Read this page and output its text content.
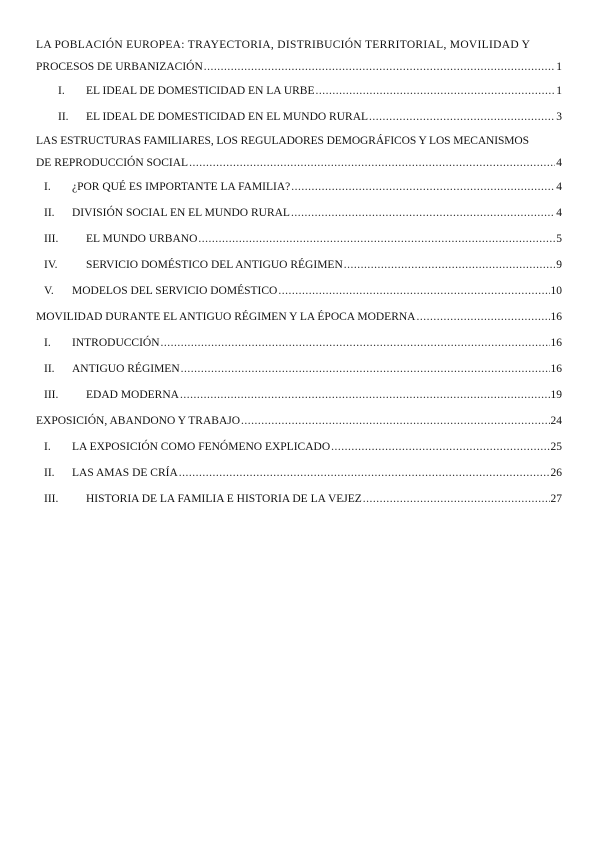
LA POBLACIÓN EUROPEA: TRAYECTORIA, DISTRIBUCIÓN TERRITORIAL, MOVILIDAD Y
PROCESOS DE URBANIZACIÓN .....	1
I.	EL IDEAL DE DOMESTICIDAD EN LA URBE .....	1
II.	EL IDEAL DE DOMESTICIDAD EN EL MUNDO RURAL .....	3
LAS ESTRUCTURAS FAMILIARES, LOS REGULADORES DEMOGRÁFICOS Y LOS MECANISMOS
DE REPRODUCCIÓN SOCIAL .....	4
I.	¿POR QUÉ ES IMPORTANTE LA FAMILIA? .....	4
II.	DIVISIÓN SOCIAL EN EL MUNDO RURAL .....	4
III.	EL MUNDO URBANO .....	5
IV.	SERVICIO DOMÉSTICO DEL ANTIGUO RÉGIMEN .....	9
V.	MODELOS DEL SERVICIO DOMÉSTICO .....	10
MOVILIDAD DURANTE EL ANTIGUO RÉGIMEN Y LA ÉPOCA MODERNA .....	16
I.	INTRODUCCIÓN .....	16
II.	ANTIGUO RÉGIMEN .....	16
III.	EDAD MODERNA .....	19
EXPOSICIÓN, ABANDONO Y TRABAJO .....	24
I.	LA EXPOSICIÓN COMO FENÓMENO EXPLICADO .....	25
II.	LAS AMAS DE CRÍA .....	26
III.	HISTORIA DE LA FAMILIA E HISTORIA DE LA VEJEZ .....	27
